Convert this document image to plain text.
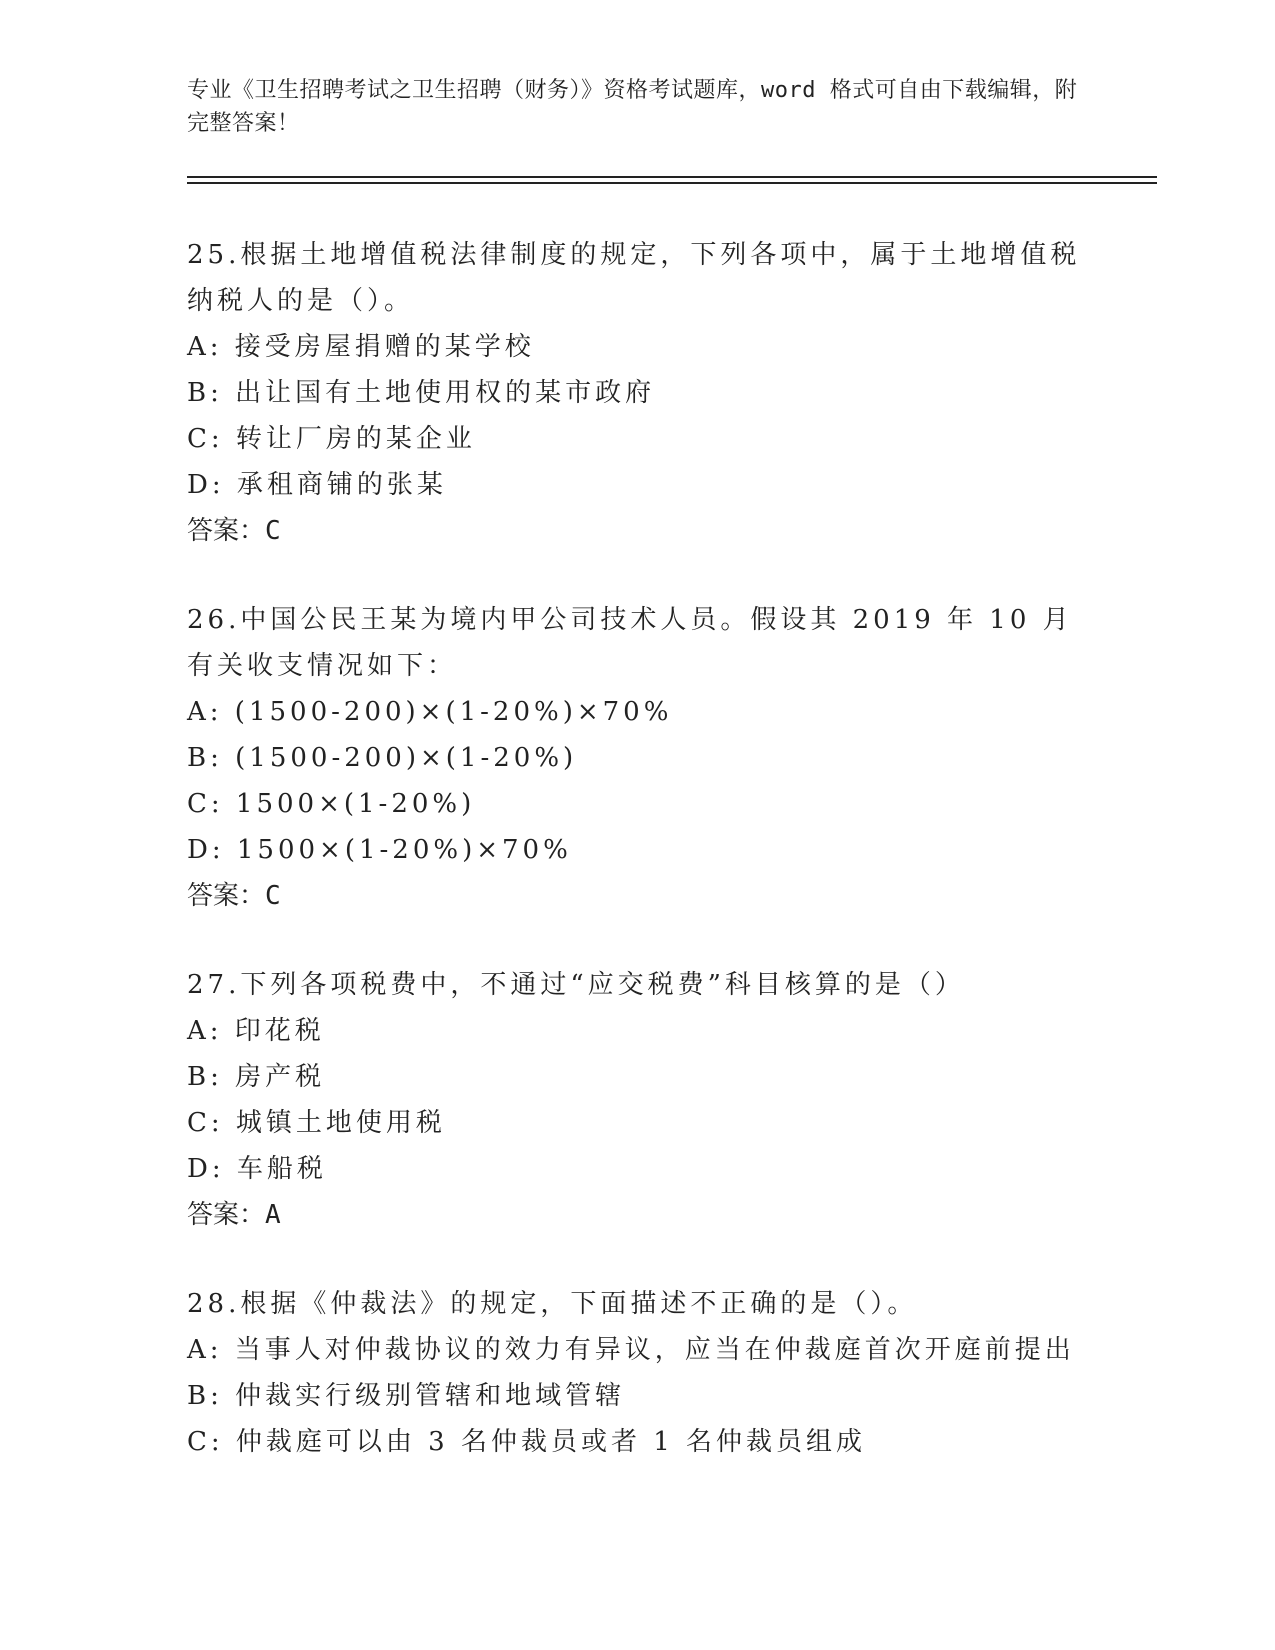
专业《卫生招聘考试之卫生招聘（财务）》资格考试题库，word 格式可自由下载编辑，附完整答案！

25.根据土地增值税法律制度的规定，下列各项中，属于土地增值税纳税人的是（）。

A: 接受房屋捐赠的某学校

B: 出让国有土地使用权的某市政府

C: 转让厂房的某企业

D: 承租商铺的张某

答案：C

26.中国公民王某为境内甲公司技术人员。假设其 2019 年 10 月有关收支情况如下：

A: (1500-200)×(1-20%)×70%

B: (1500-200)×(1-20%)

C: 1500×(1-20%)

D: 1500×(1-20%)×70%

答案：C

27.下列各项税费中，不通过“应交税费”科目核算的是（）

A: 印花税

B: 房产税

C: 城镇土地使用税

D: 车船税

答案：A

28.根据《仲裁法》的规定，下面描述不正确的是（）。

A: 当事人对仲裁协议的效力有异议，应当在仲裁庭首次开庭前提出

B: 仲裁实行级别管辖和地域管辖

C: 仲裁庭可以由 3 名仲裁员或者 1 名仲裁员组成
